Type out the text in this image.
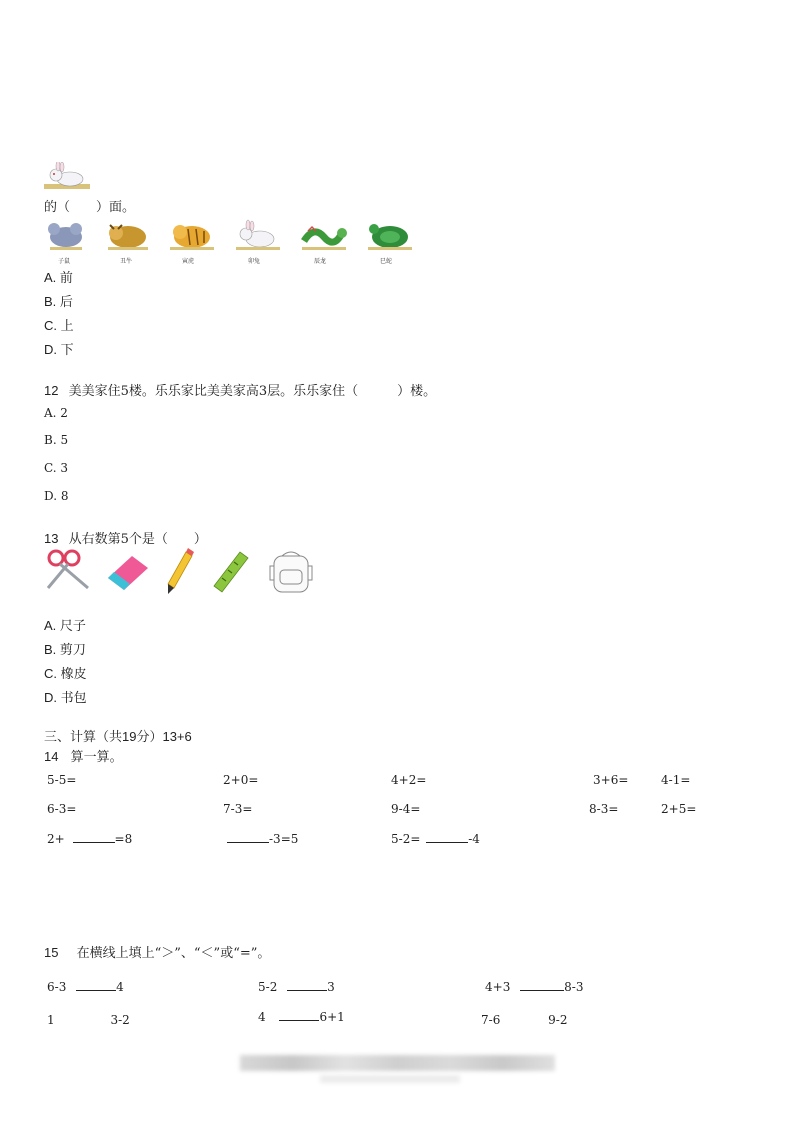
的（　　）面。
子鼠	丑牛	寅虎	卯兔	辰龙	巳蛇
A. 前
B. 后
C. 上
D. 下
12 美美家住5楼。乐乐家比美美家高3层。乐乐家住（　　　）楼。
A. 2
B. 5
C. 3
D. 8
13 从右数第5个是（　　）
A. 尺子
B. 剪刀
C. 橡皮
D. 书包
三、计算（共19分）13+6
14 算一算。
5-5=	2+0=	4+2=	3+6=	4-1=
6-3=	7-3=	9-4=	8-3=	2+5=
2+	=8	-3=5	5-2=	-4
15 在横线上填上“＞”、“＜”或“=”。
6-3	4	5-2	3	4+3	8-3
1	3-2	4	6+1	7-6	9-2
